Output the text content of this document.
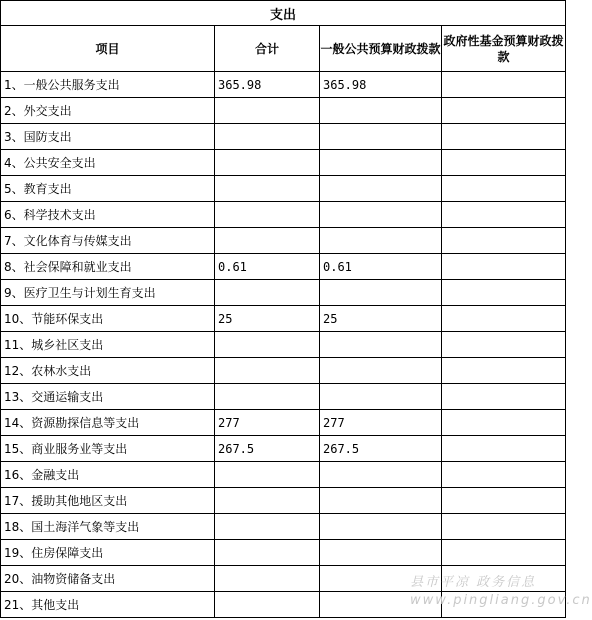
支出			
项目	合计	一般公共预算财政拨款	政府性基金预算财政拨款
1、一般公共服务支出	365.98	365.98	
2、外交支出			
3、国防支出			
4、公共安全支出			
5、教育支出			
6、科学技术支出			
7、文化体育与传媒支出			
8、社会保障和就业支出	0.61	0.61	
9、医疗卫生与计划生育支出			
10、节能环保支出	25	25	
11、城乡社区支出			
12、农林水支出			
13、交通运输支出			
14、资源勘探信息等支出	277	277	
15、商业服务业等支出	267.5	267.5	
16、金融支出			
17、援助其他地区支出			
18、国土海洋气象等支出			
19、住房保障支出			
20、油物资储备支出			
21、其他支出			
县市平凉 政务信息
www.pingliang.gov.cn
